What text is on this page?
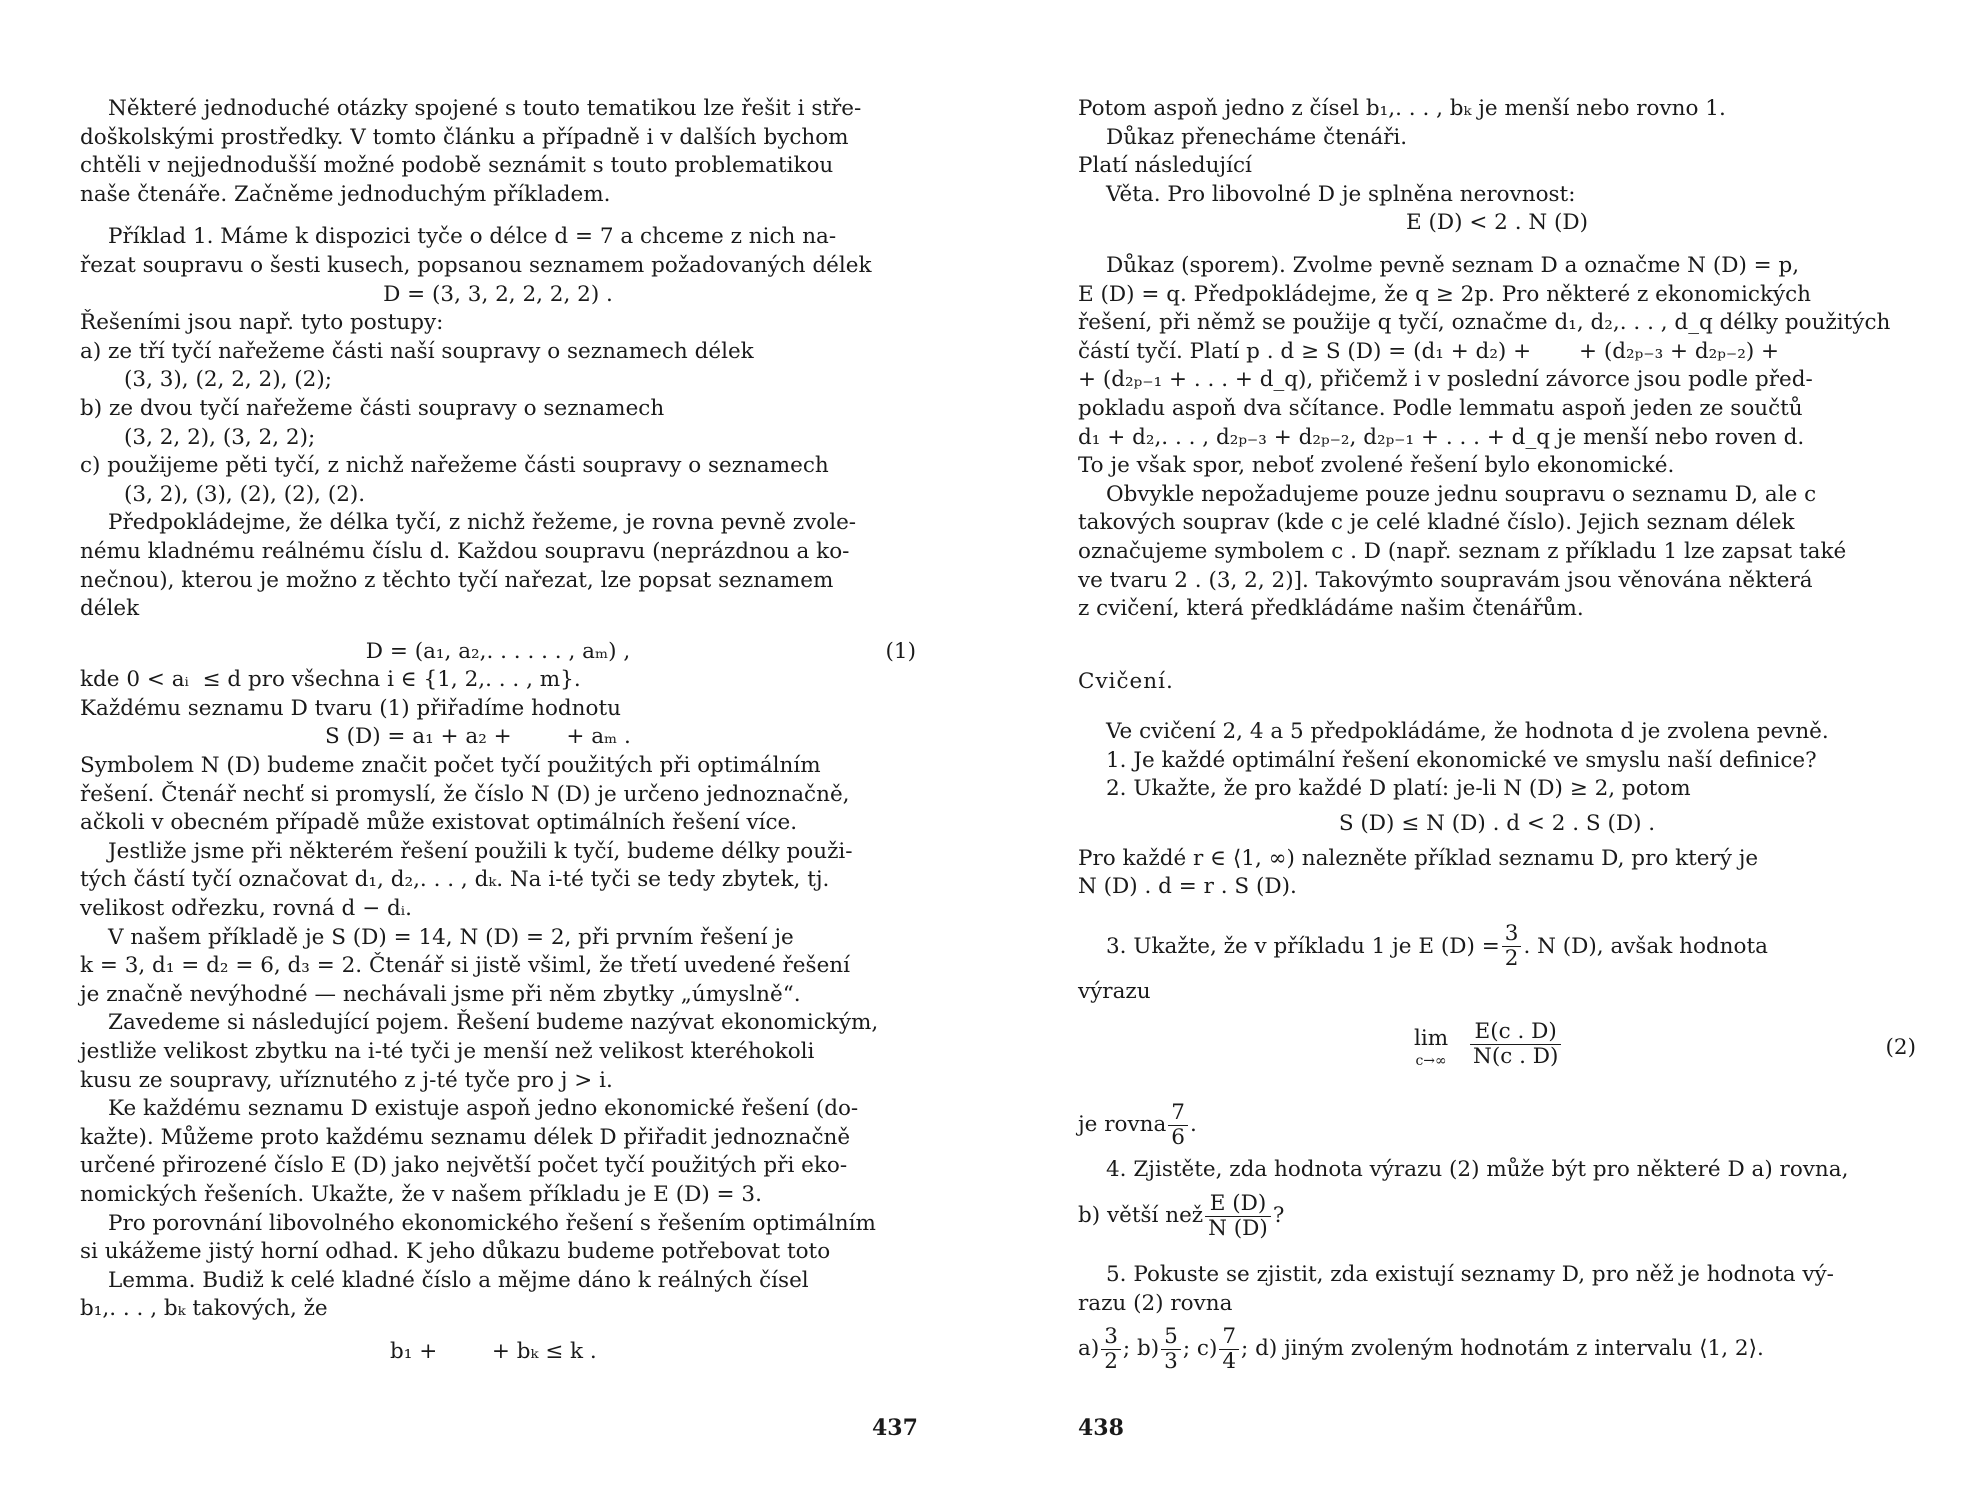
Některé jednoduché otázky spojené s touto tematikou lze řešit i stře-
doškolskými prostředky. V tomto článku a případně i v dalších bychom
chtěli v nejjednodušší možné podobě seznámit s touto problematikou
naše čtenáře. Začněme jednoduchým příkladem.
Příklad 1. Máme k dispozici tyče o délce d = 7 a chceme z nich na-
řezat soupravu o šesti kusech, popsanou seznamem požadovaných délek
D = (3, 3, 2, 2, 2, 2) .
Řešeními jsou např. tyto postupy:
a) ze tří tyčí nařežeme části naší soupravy o seznamech délek
(3, 3), (2, 2, 2), (2);
b) ze dvou tyčí nařežeme části soupravy o seznamech
(3, 2, 2), (3, 2, 2);
c) použijeme pěti tyčí, z nichž nařežeme části soupravy o seznamech
(3, 2), (3), (2), (2), (2).
Předpokládejme, že délka tyčí, z nichž řežeme, je rovna pevně zvole-
nému kladnému reálnému číslu d. Každou soupravu (neprázdnou a ko-
nečnou), kterou je možno z těchto tyčí nařezat, lze popsat seznamem
délek
D = (a₁, a₂,. . . . . . , aₘ) ,	(1)
kde 0 < aᵢ  ≤ d pro všechna i ∈ {1, 2,. . . , m}.
Každému seznamu D tvaru (1) přiřadíme hodnotu
S (D) = a₁ + a₂ +        + aₘ .
Symbolem N (D) budeme značit počet tyčí použitých při optimálním
řešení. Čtenář nechť si promyslí, že číslo N (D) je určeno jednoznačně,
ačkoli v obecném případě může existovat optimálních řešení více.
Jestliže jsme při některém řešení použili k tyčí, budeme délky použi-
tých částí tyčí označovat d₁, d₂,. . . , dₖ. Na i-té tyči se tedy zbytek, tj.
velikost odřezku, rovná d − dᵢ.
V našem příkladě je S (D) = 14, N (D) = 2, při prvním řešení je
k = 3, d₁ = d₂ = 6, d₃ = 2. Čtenář si jistě všiml, že třetí uvedené řešení
je značně nevýhodné — nechávali jsme při něm zbytky „úmyslně“.
Zavedeme si následující pojem. Řešení budeme nazývat ekonomickým,
jestliže velikost zbytku na i-té tyči je menší než velikost kteréhokoli
kusu ze soupravy, uříznutého z j-té tyče pro j > i.
Ke každému seznamu D existuje aspoň jedno ekonomické řešení (do-
kažte). Můžeme proto každému seznamu délek D přiřadit jednoznačně
určené přirozené číslo E (D) jako největší počet tyčí použitých při eko-
nomických řešeních. Ukažte, že v našem příkladu je E (D) = 3.
Pro porovnání libovolného ekonomického řešení s řešením optimálním
si ukážeme jistý horní odhad. K jeho důkazu budeme potřebovat toto
Lemma. Budiž k celé kladné číslo a mějme dáno k reálných čísel
b₁,. . . , bₖ takových, že
b₁ +        + bₖ ≤ k .
437
Potom aspoň jedno z čísel b₁,. . . , bₖ je menší nebo rovno 1.
Důkaz přenecháme čtenáři.
Platí následující
Věta. Pro libovolné D je splněna nerovnost:
E (D) < 2 . N (D)
Důkaz (sporem). Zvolme pevně seznam D a označme N (D) = p,
E (D) = q. Předpokládejme, že q ≥ 2p. Pro některé z ekonomických
řešení, při němž se použije q tyčí, označme d₁, d₂,. . . , d_q délky použitých
částí tyčí. Platí p . d ≥ S (D) = (d₁ + d₂) +       + (d₂ₚ₋₃ + d₂ₚ₋₂) +
+ (d₂ₚ₋₁ + . . . + d_q), přičemž i v poslední závorce jsou podle před-
pokladu aspoň dva sčítance. Podle lemmatu aspoň jeden ze součtů
d₁ + d₂,. . . , d₂ₚ₋₃ + d₂ₚ₋₂, d₂ₚ₋₁ + . . . + d_q je menší nebo roven d.
To je však spor, neboť zvolené řešení bylo ekonomické.
Obvykle nepožadujeme pouze jednu soupravu o seznamu D, ale c
takových souprav (kde c je celé kladné číslo). Jejich seznam délek
označujeme symbolem c . D (např. seznam z příkladu 1 lze zapsat také
ve tvaru 2 . (3, 2, 2)]. Takovýmto soupravám jsou věnována některá
z cvičení, která předkládáme našim čtenářům.
Cvičení.
Ve cvičení 2, 4 a 5 předpokládáme, že hodnota d je zvolena pevně.
1. Je každé optimální řešení ekonomické ve smyslu naší definice?
2. Ukažte, že pro každé D platí: je-li N (D) ≥ 2, potom
S (D) ≤ N (D) . d < 2 . S (D) .
Pro každé r ∈ ⟨1, ∞) nalezněte příklad seznamu D, pro který je
N (D) . d = r . S (D).
3. Ukažte, že v příkladu 1 je E $(D) = \frac{3}{2}$ . N (D), avšak hodnota
výrazu
lim
$c\to\infty \frac{E(c . D)}{N(c . D)}$	(2)
je rovna $\frac{7}{6}$ .
4. Zjistěte, zda hodnota výrazu (2) může být pro některé D a) rovna,
b) větší než $\frac{E (D)}{N (D)}$ ?
5. Pokuste se zjistit, zda existují seznamy D, pro něž je hodnota vý-
razu (2) rovna
$a) \frac{3}{2}$ ; $b) \frac{5}{3}$ ; $c) \frac{7}{4}$ ; d) jiným zvoleným hodnotám z intervalu ⟨1, 2⟩.
438
